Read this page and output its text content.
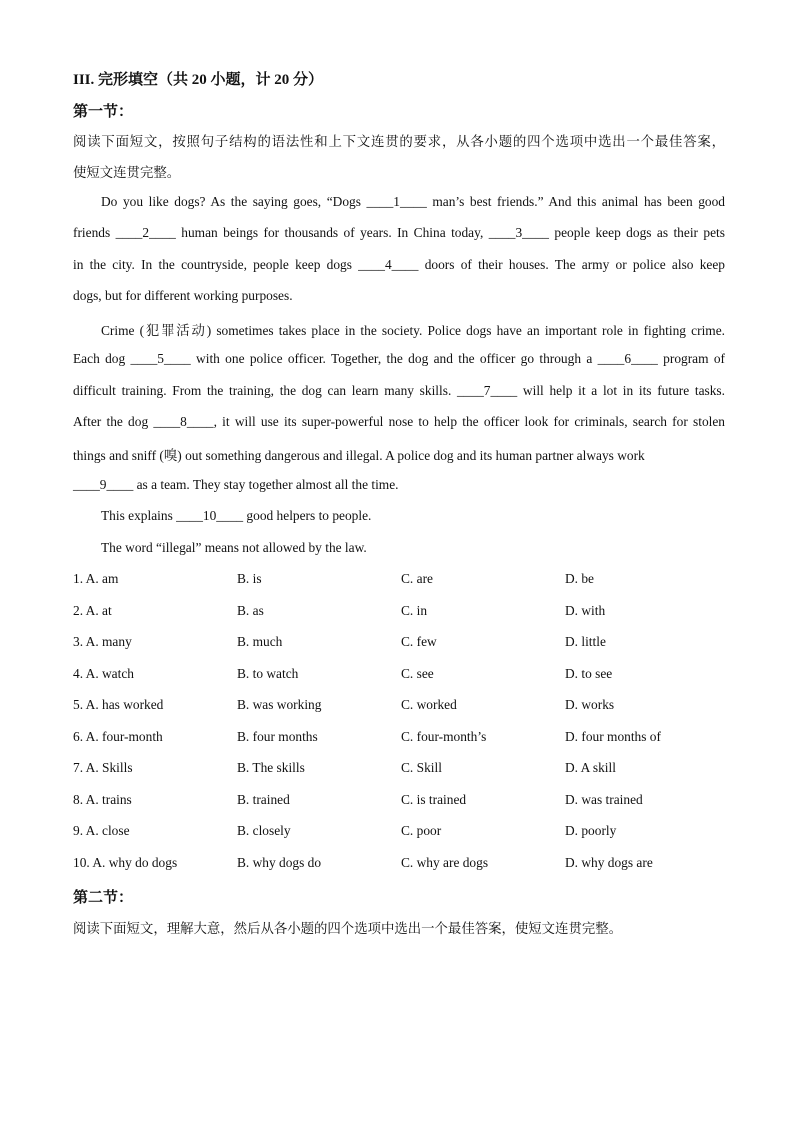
III. 完形填空（共 20 小题，计 20 分）
第一节：
阅读下面短文，按照句子结构的语法性和上下文连贯的要求，从各小题的四个选项中选出一个最佳答案，
使短文连贯完整。
Do you like dogs? As the saying goes, “Dogs ____1____ man’s best friends.” And this animal has been good
friends ____2____ human beings for thousands of years. In China today, ____3____ people keep dogs as their pets
in the city. In the countryside, people keep dogs ____4____ doors of their houses. The army or police also keep
dogs, but for different working purposes.
Crime (犯罪活动) sometimes takes place in the society. Police dogs have an important role in fighting crime.
Each dog ____5____ with one police officer. Together, the dog and the officer go through a ____6____ program of
difficult training. From the training, the dog can learn many skills. ____7____ will help it a lot in its future tasks.
After the dog ____8____, it will use its super-powerful nose to help the officer look for criminals, search for stolen
things and sniff (嗅) out something dangerous and illegal. A police dog and its human partner always work
____9____ as a team. They stay together almost all the time.
This explains ____10____ good helpers to people.
The word “illegal” means not allowed by the law.
1. A. am	B. is	C. are	D. be
2. A. at	B. as	C. in	D. with
3. A. many	B. much	C. few	D. little
4. A. watch	B. to watch	C. see	D. to see
5. A. has worked	B. was working	C. worked	D. works
6. A. four-month	B. four months	C. four-month’s	D. four months of
7. A. Skills	B. The skills	C. Skill	D. A skill
8. A. trains	B. trained	C. is trained	D. was trained
9. A. close	B. closely	C. poor	D. poorly
10. A. why do dogs	B. why dogs do	C. why are dogs	D. why dogs are
第二节：
阅读下面短文，理解大意，然后从各小题的四个选项中选出一个最佳答案，使短文连贯完整。
